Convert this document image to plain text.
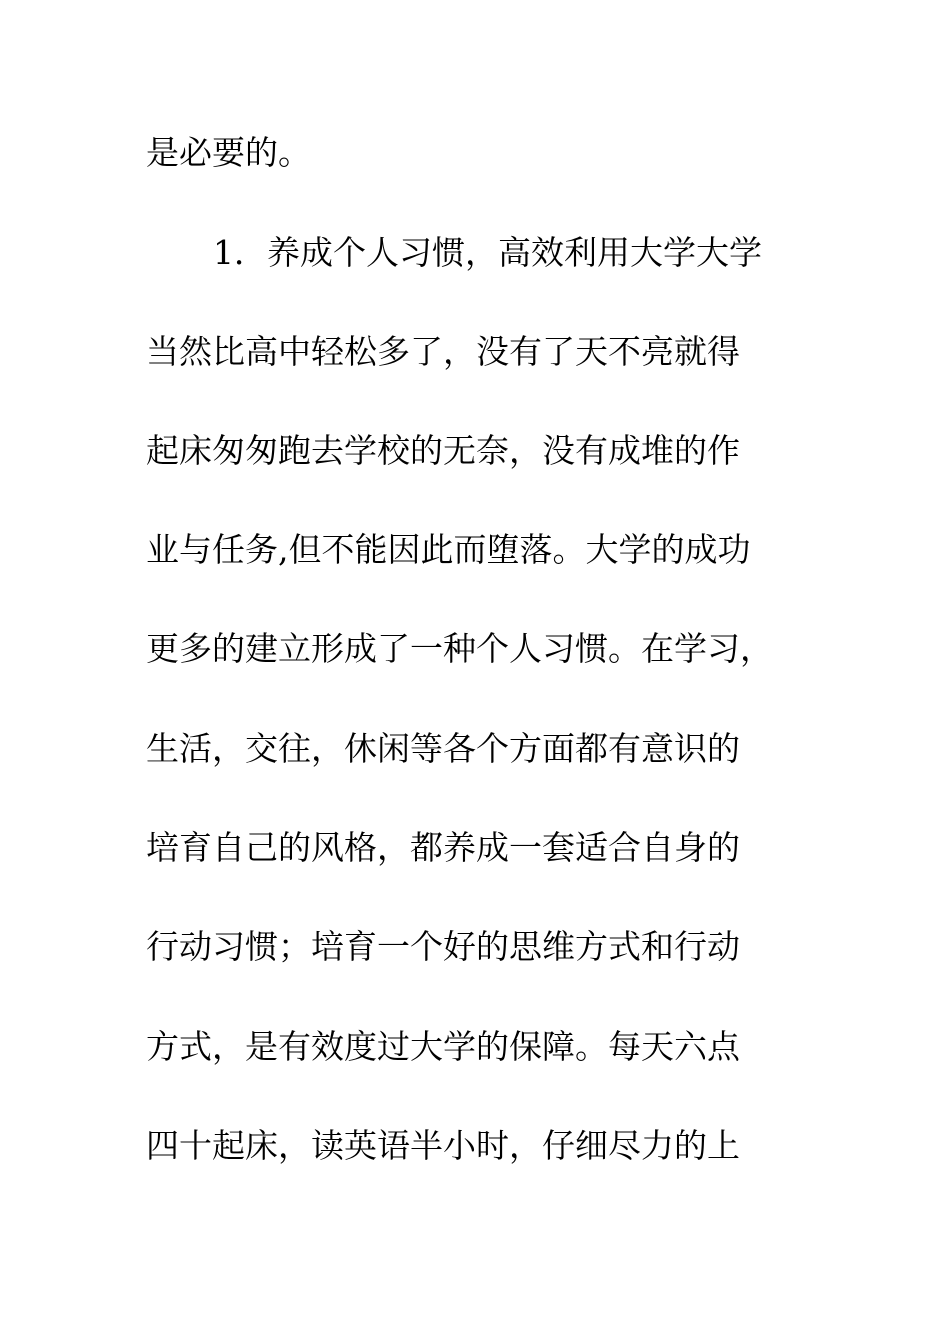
是必要的。
1．养成个人习惯，高效利用大学大学
当然比高中轻松多了，没有了天不亮就得
起床匆匆跑去学校的无奈，没有成堆的作
业与任务,但不能因此而堕落。大学的成功
更多的建立形成了一种个人习惯。在学习，
生活，交往，休闲等各个方面都有意识的
培育自己的风格，都养成一套适合自身的
行动习惯；培育一个好的思维方式和行动
方式，是有效度过大学的保障。每天六点
四十起床，读英语半小时，仔细尽力的上
